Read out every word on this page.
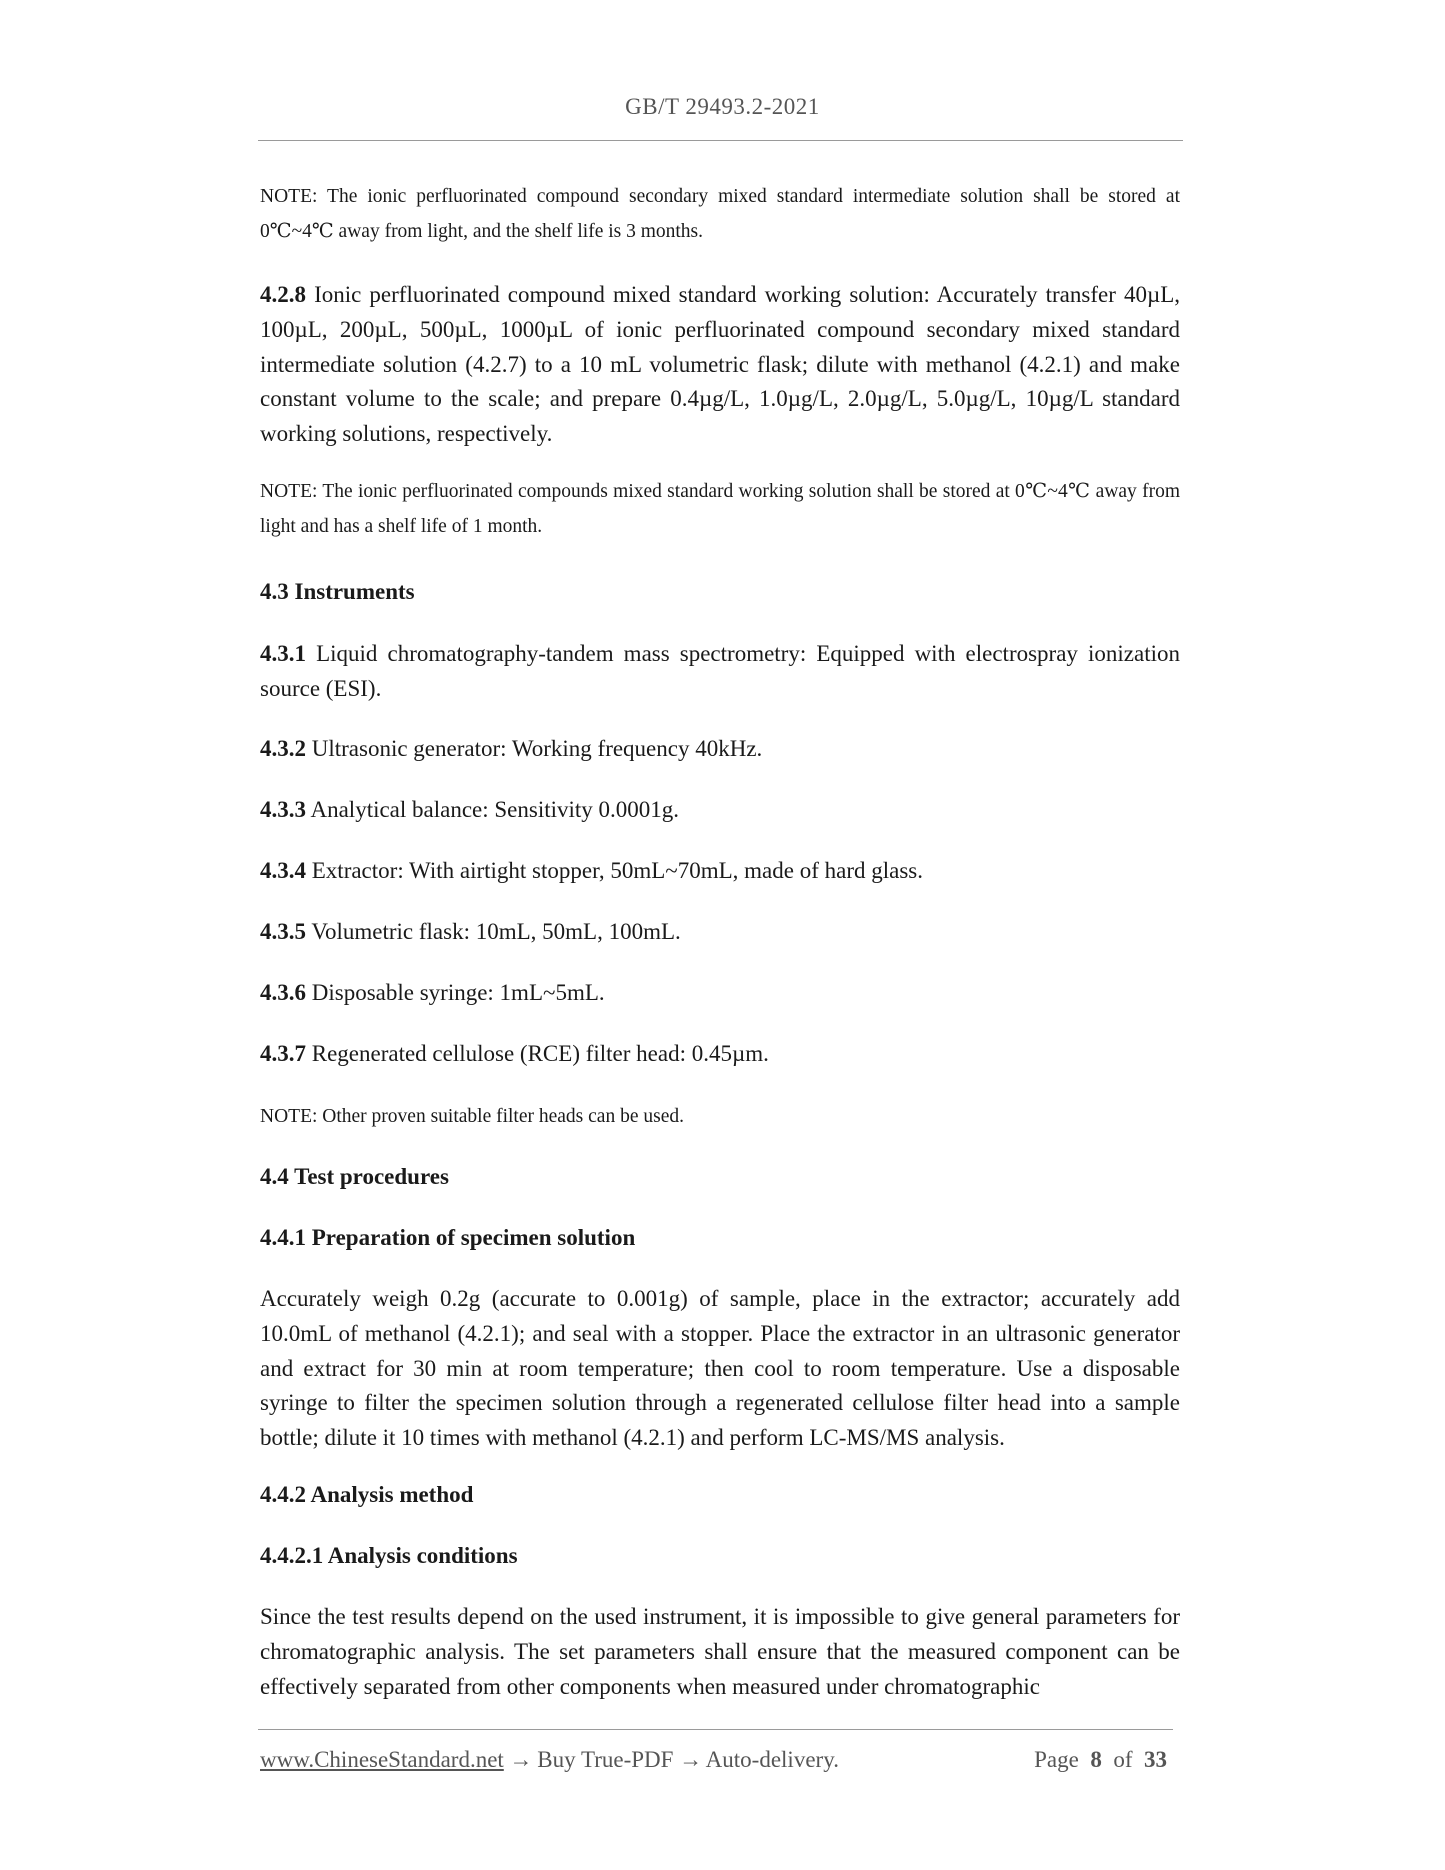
GB/T 29493.2-2021
NOTE: The ionic perfluorinated compound secondary mixed standard intermediate solution shall be stored at 0℃~4℃ away from light, and the shelf life is 3 months.
4.2.8 Ionic perfluorinated compound mixed standard working solution: Accurately transfer 40µL, 100µL, 200µL, 500µL, 1000µL of ionic perfluorinated compound secondary mixed standard intermediate solution (4.2.7) to a 10 mL volumetric flask; dilute with methanol (4.2.1) and make constant volume to the scale; and prepare 0.4µg/L, 1.0µg/L, 2.0µg/L, 5.0µg/L, 10µg/L standard working solutions, respectively.
NOTE: The ionic perfluorinated compounds mixed standard working solution shall be stored at 0℃~4℃ away from light and has a shelf life of 1 month.
4.3 Instruments
4.3.1 Liquid chromatography-tandem mass spectrometry: Equipped with electrospray ionization source (ESI).
4.3.2 Ultrasonic generator: Working frequency 40kHz.
4.3.3 Analytical balance: Sensitivity 0.0001g.
4.3.4 Extractor: With airtight stopper, 50mL~70mL, made of hard glass.
4.3.5 Volumetric flask: 10mL, 50mL, 100mL.
4.3.6 Disposable syringe: 1mL~5mL.
4.3.7 Regenerated cellulose (RCE) filter head: 0.45µm.
NOTE: Other proven suitable filter heads can be used.
4.4 Test procedures
4.4.1 Preparation of specimen solution
Accurately weigh 0.2g (accurate to 0.001g) of sample, place in the extractor; accurately add 10.0mL of methanol (4.2.1); and seal with a stopper. Place the extractor in an ultrasonic generator and extract for 30 min at room temperature; then cool to room temperature. Use a disposable syringe to filter the specimen solution through a regenerated cellulose filter head into a sample bottle; dilute it 10 times with methanol (4.2.1) and perform LC-MS/MS analysis.
4.4.2 Analysis method
4.4.2.1 Analysis conditions
Since the test results depend on the used instrument, it is impossible to give general parameters for chromatographic analysis. The set parameters shall ensure that the measured component can be effectively separated from other components when measured under chromatographic
www.ChineseStandard.net → Buy True-PDF → Auto-delivery.	Page 8 of 33
